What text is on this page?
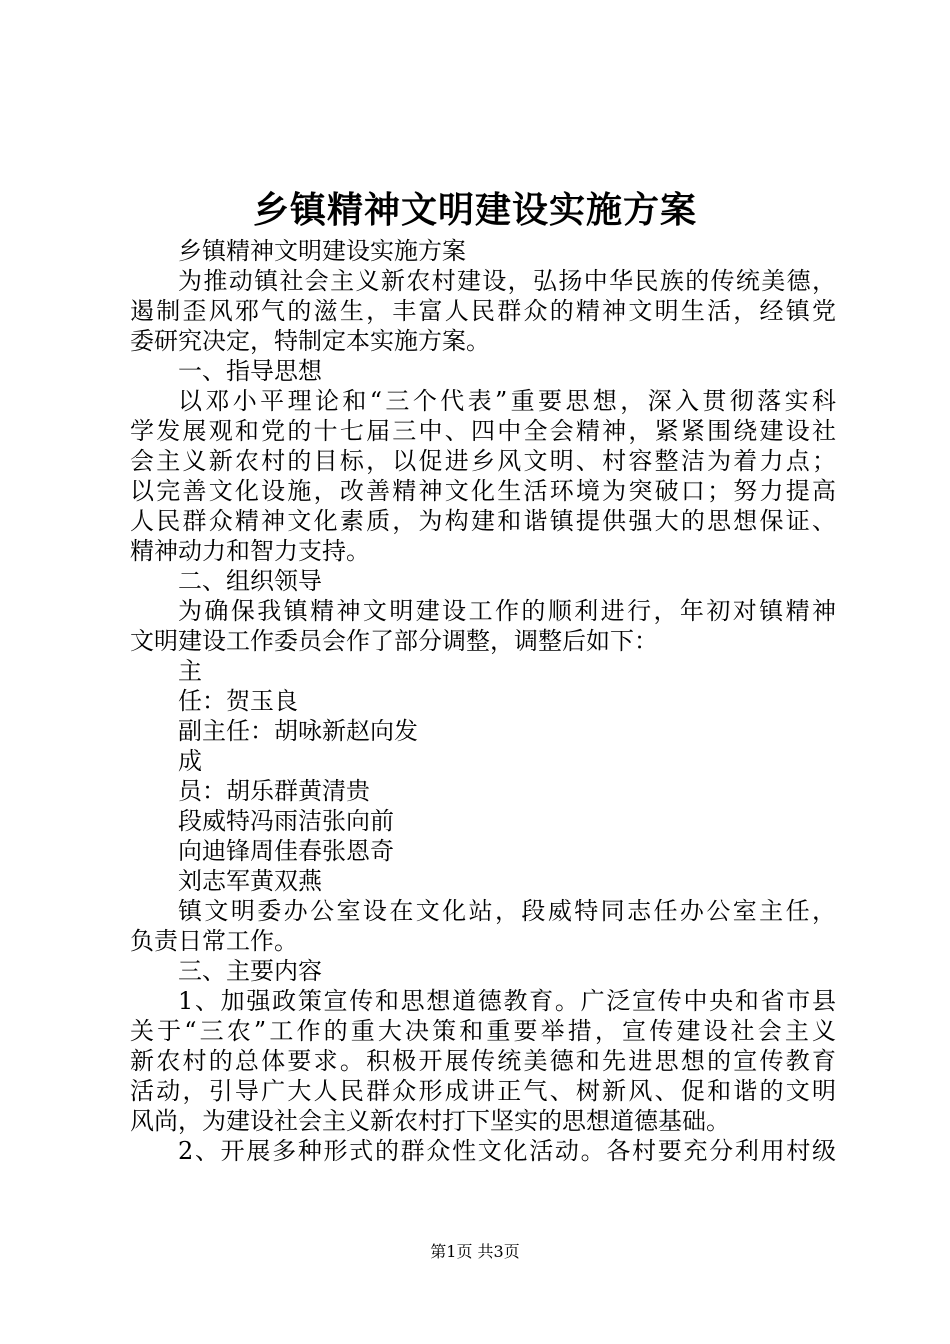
乡镇精神文明建设实施方案
乡镇精神文明建设实施方案
为推动镇社会主义新农村建设，弘扬中华民族的传统美德，
遏制歪风邪气的滋生，丰富人民群众的精神文明生活，经镇党
委研究决定，特制定本实施方案。
一、指导思想
以邓小平理论和“三个代表”重要思想，深入贯彻落实科
学发展观和党的十七届三中、四中全会精神，紧紧围绕建设社
会主义新农村的目标，以促进乡风文明、村容整洁为着力点；
以完善文化设施，改善精神文化生活环境为突破口；努力提高
人民群众精神文化素质，为构建和谐镇提供强大的思想保证、
精神动力和智力支持。
二、组织领导
为确保我镇精神文明建设工作的顺利进行，年初对镇精神
文明建设工作委员会作了部分调整，调整后如下：
主
任：贺玉良
副主任：胡咏新赵向发
成
员：胡乐群黄清贵
段威特冯雨洁张向前
向迪锋周佳春张恩奇
刘志军黄双燕
镇文明委办公室设在文化站，段威特同志任办公室主任，
负责日常工作。
三、主要内容
1、加强政策宣传和思想道德教育。广泛宣传中央和省市县
关于“三农”工作的重大决策和重要举措，宣传建设社会主义
新农村的总体要求。积极开展传统美德和先进思想的宣传教育
活动，引导广大人民群众形成讲正气、树新风、促和谐的文明
风尚，为建设社会主义新农村打下坚实的思想道德基础。
2、开展多种形式的群众性文化活动。各村要充分利用村级
第1页 共3页
